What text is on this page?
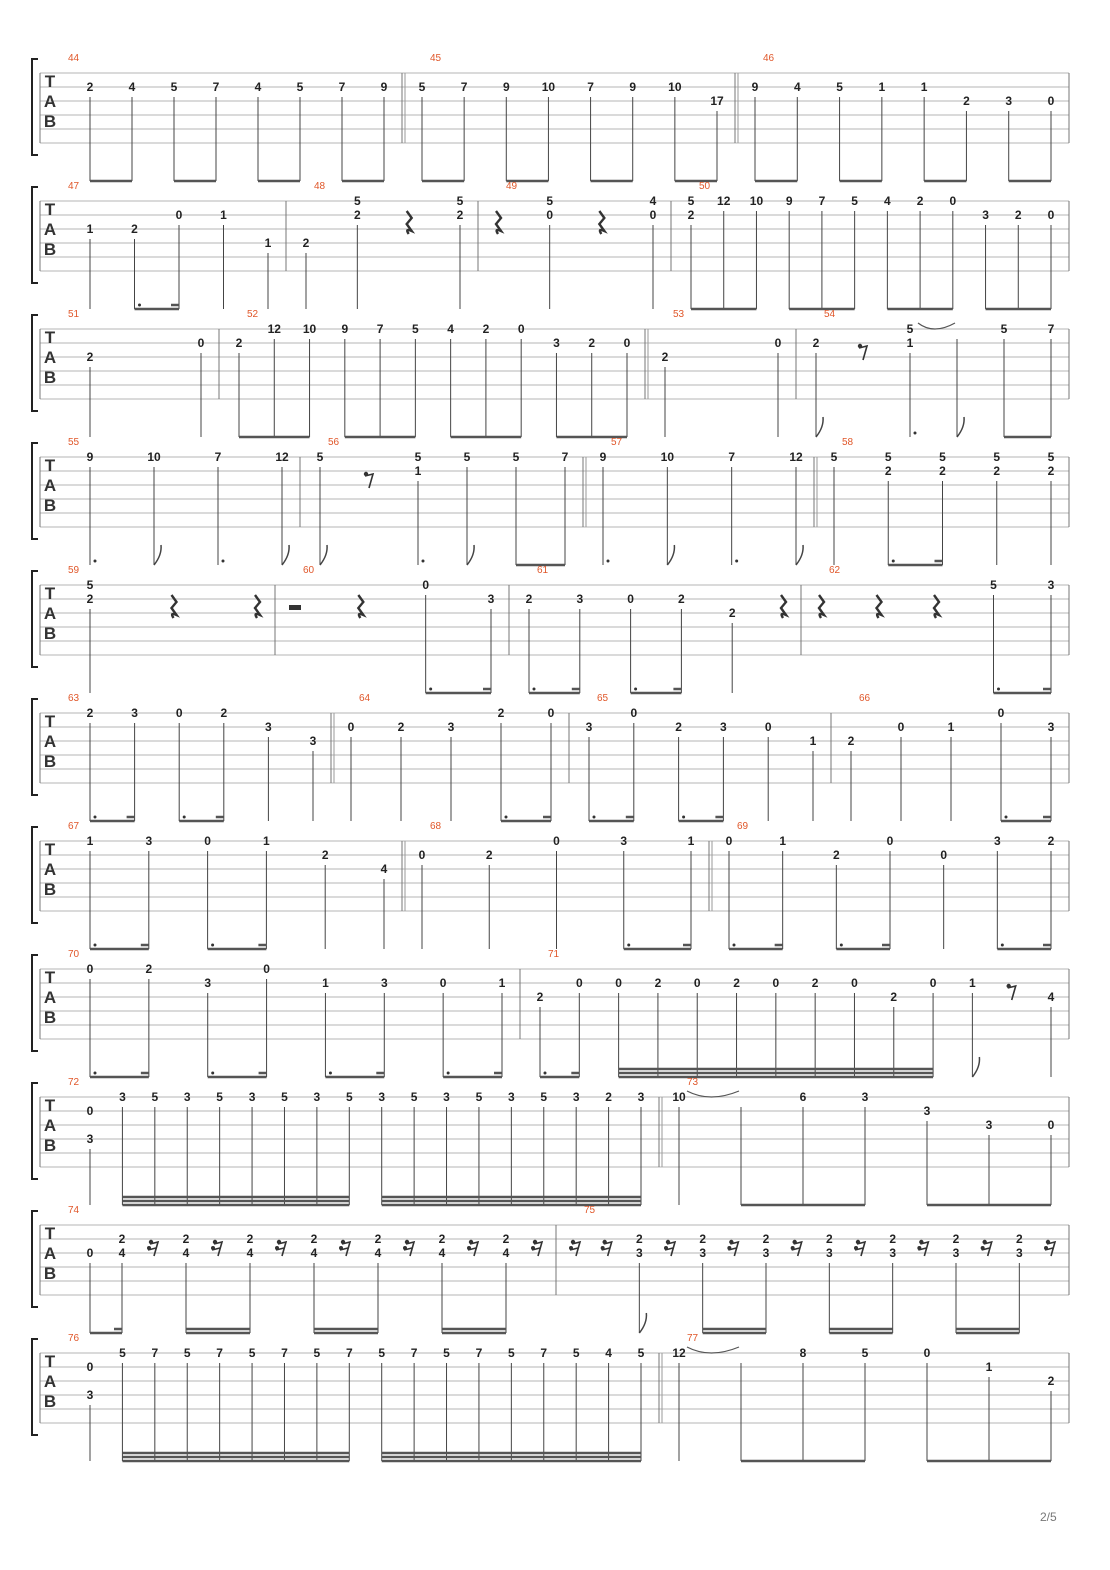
T
A
B
44
2	4	5	7	4	5	7	9
45
5	7	9	10	7	9	10
17
46
9	4	5	1	1
2	3	0
T
A
B
47
1	2
0	1
1
48
2
5
2
5
2
49
5
0
4
0
50
5
2
12 10 9 7 5 4 2 0
3 2 0
T
A
B
51
2
0
52
2
12 10 9 7 5 4 2 0
3 2 0
53
2
0
54
2
5
1
5	7
T
A
B
55
9	10	7	12
56
5	5
1
5	5	7
57
9	10	7	12
58
5	5
2
5
2
5
2
5
2
T
A
B
59
5
2
60
0
3
61
2	3	0	2
2
62
5	3
T
A
B
63
2	3	0	2
3
3
64
0	2	3
2	0
65
3
0
2	3	0
1
66
2
0	1
0
3
T
A
B
67
1	3	0	1
2
4
68
0	2
0	3	1
69
0	1
2
0
0
3	2
T
A
B
70
0	2
3
0
1	3	0	1
71
2
0	0	2	0	2	0	2	0
2
0	1
4
T
A
B
72
0
3
3 5 3 5 3 5 3 5 3 5 3 5 3 5 3 2 3
73
10	6	3
3
3	0
T
A
B
74
0
2
4
2
4
2
4
2
4
2
4
2
4
2
4
75
2
3
2
3
2
3
2
3
2
3
2
3
2
3
T
A
B
76
0
3
5 7 5 7 5 7 5 7 5 7 5 7 5 7 5 4 5
77
12	8	5	0
1
2
2/5
